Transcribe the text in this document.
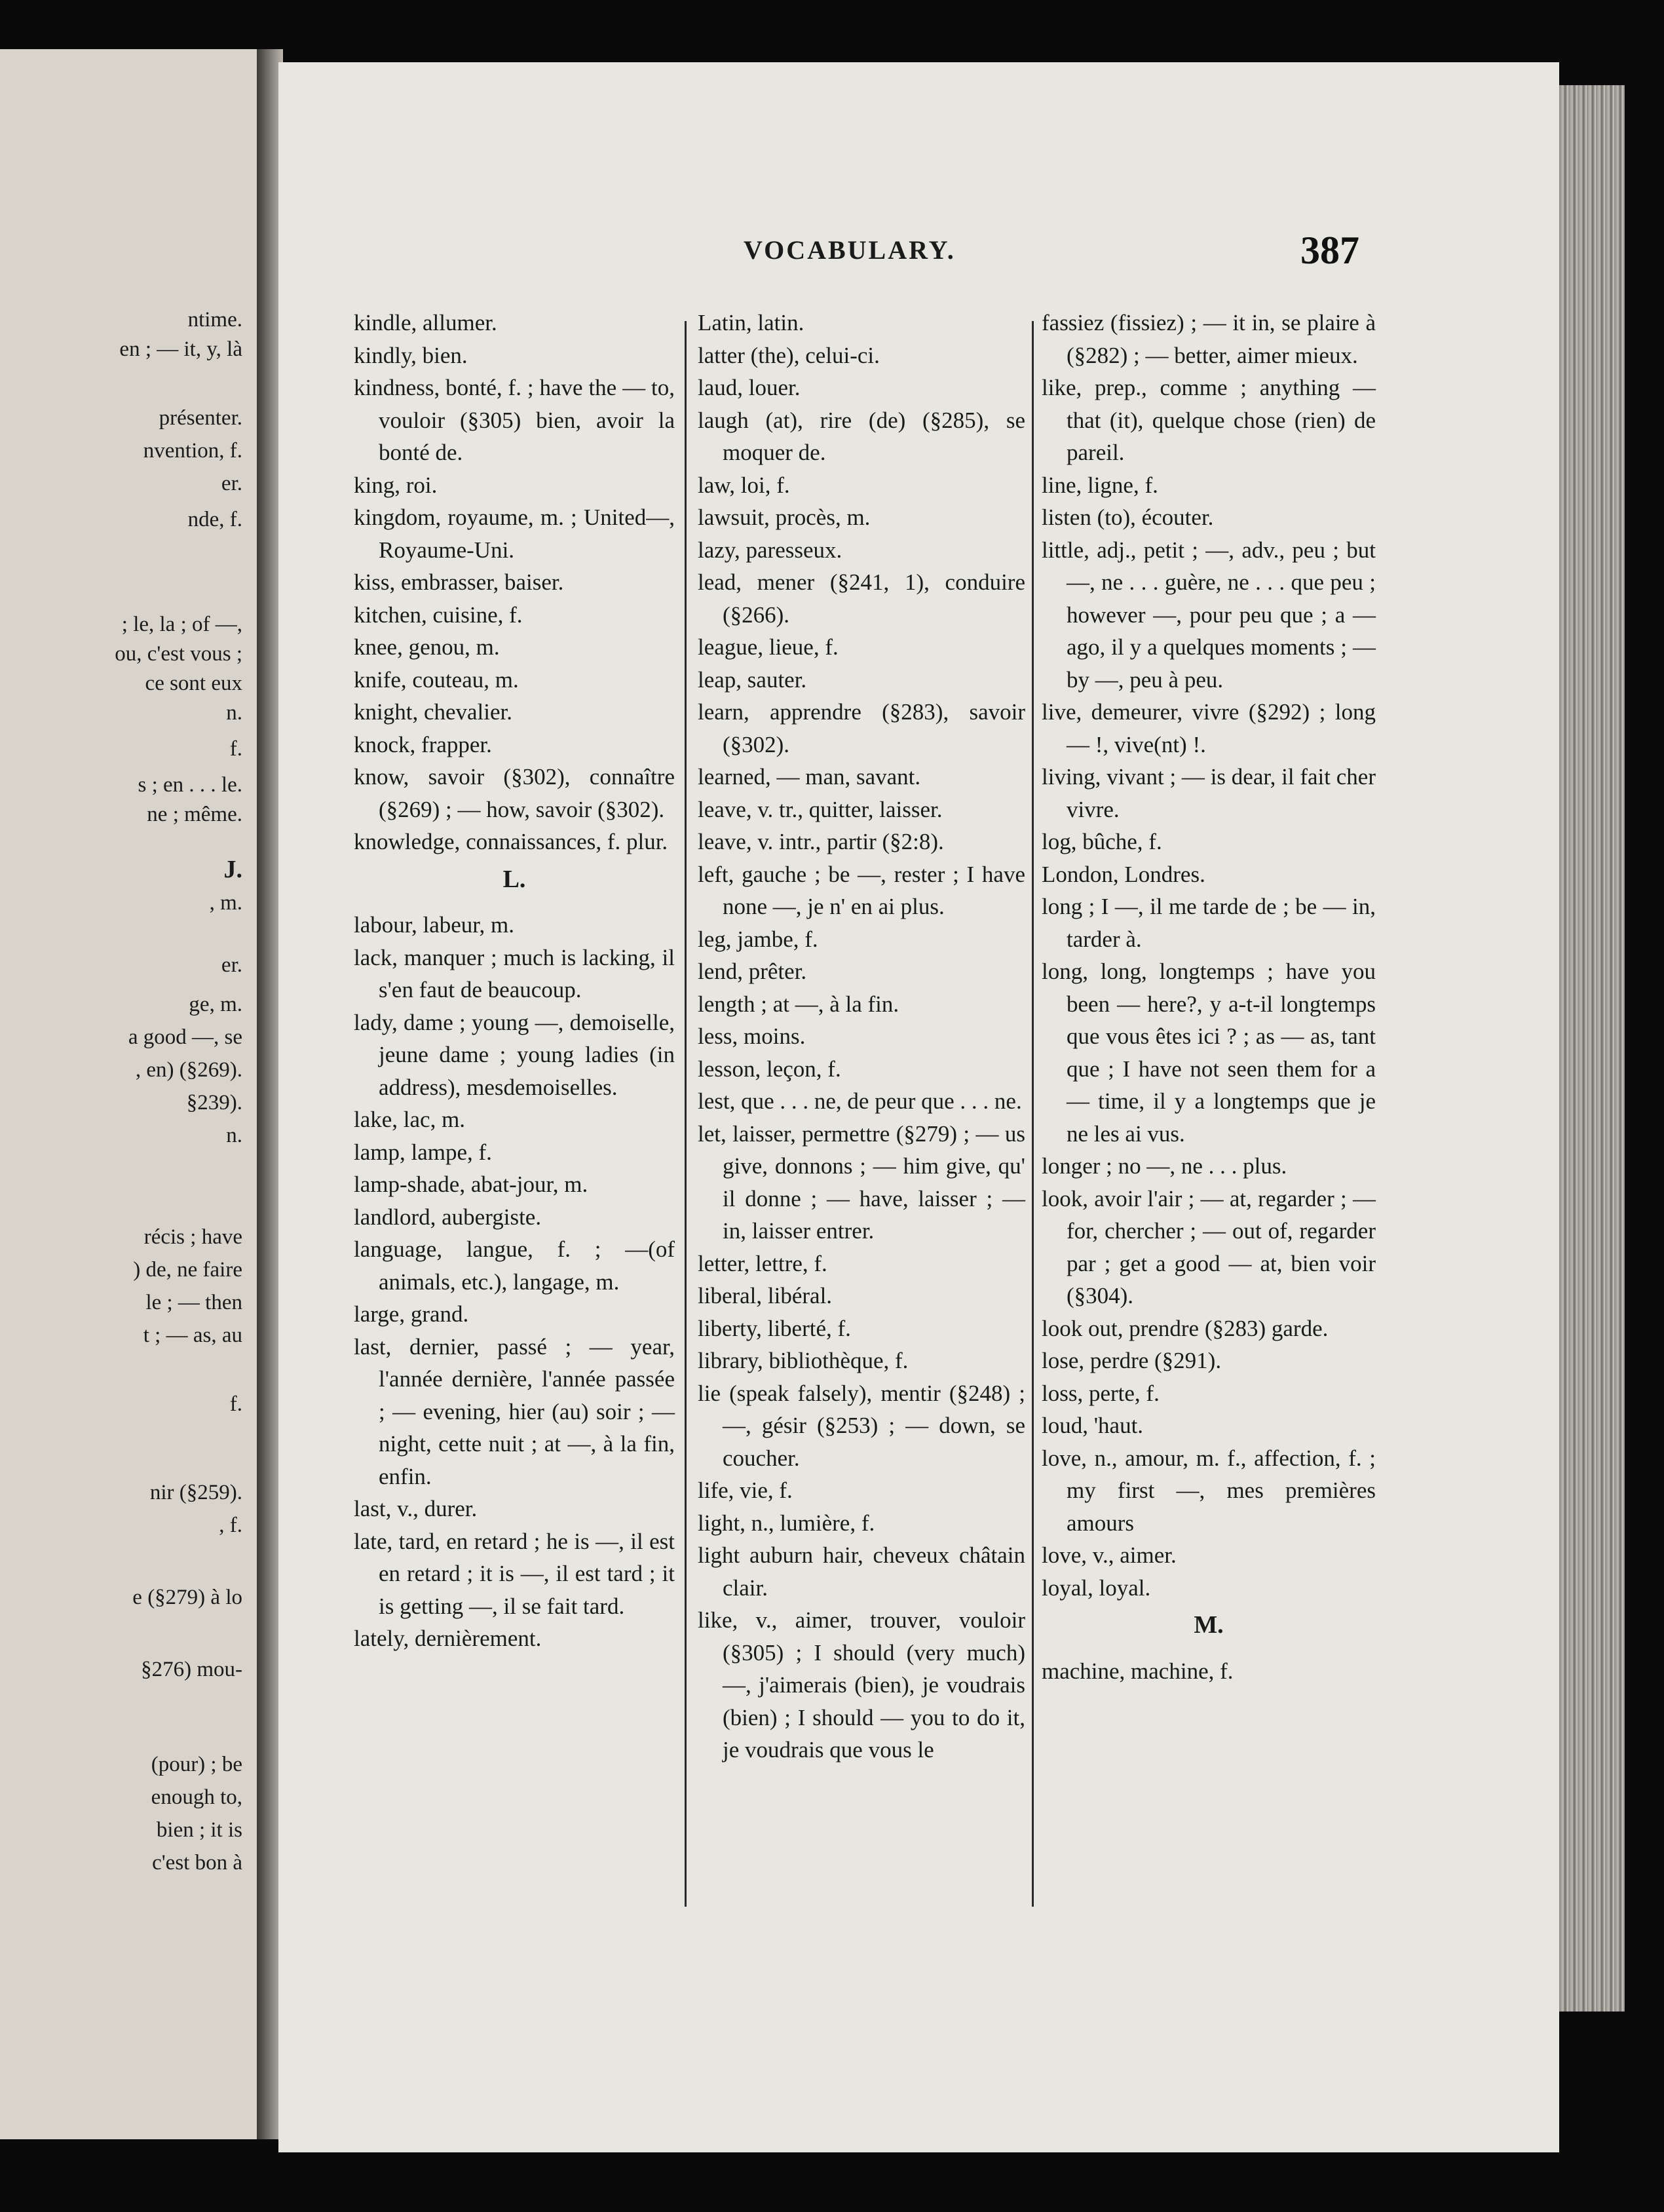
ntime.
en ; — it, y, là
présenter.
nvention, f.
er.
nde, f.
; le, la ; of —,
ou, c'est vous ;
ce sont eux
n.
f.
s ; en . . . le.
ne ; même.
J.
, m.
er.
ge, m.
a good —, se
, en) (§269).
§239).
n.
récis ; have
) de, ne faire
le ; — then
t ; — as, au
f.
nir (§259).
, f.
e (§279) à lo
§276) mou-
(pour) ; be
enough to,
bien ; it is
c'est bon à
VOCABULARY.	387
kindle, allumer.
kindly, bien.
kindness, bonté, f. ; have the — to, vouloir (§305) bien, avoir la bonté de.
king, roi.
kingdom, royaume, m. ; United—, Royaume-Uni.
kiss, embrasser, baiser.
kitchen, cuisine, f.
knee, genou, m.
knife, couteau, m.
knight, chevalier.
knock, frapper.
know, savoir (§302), connaître (§269) ; — how, savoir (§302).
knowledge, connaissances, f. plur.
L.
labour, labeur, m.
lack, manquer ; much is lacking, il s'en faut de beaucoup.
lady, dame ; young —, demoiselle, jeune dame ; young ladies (in address), mesdemoiselles.
lake, lac, m.
lamp, lampe, f.
lamp-shade, abat-jour, m.
landlord, aubergiste.
language, langue, f. ; —(of animals, etc.), langage, m.
large, grand.
last, dernier, passé ; — year, l'année dernière, l'année passée ; — evening, hier (au) soir ; — night, cette nuit ; at —, à la fin, enfin.
last, v., durer.
late, tard, en retard ; he is —, il est en retard ; it is —, il est tard ; it is getting —, il se fait tard.
lately, dernièrement.
Latin, latin.
latter (the), celui-ci.
laud, louer.
laugh (at), rire (de) (§285), se moquer de.
law, loi, f.
lawsuit, procès, m.
lazy, paresseux.
lead, mener (§241, 1), conduire (§266).
league, lieue, f.
leap, sauter.
learn, apprendre (§283), savoir (§302).
learned, — man, savant.
leave, v. tr., quitter, laisser.
leave, v. intr., partir (§2:8).
left, gauche ; be —, rester ; I have none —, je n' en ai plus.
leg, jambe, f.
lend, prêter.
length ; at —, à la fin.
less, moins.
lesson, leçon, f.
lest, que . . . ne, de peur que . . . ne.
let, laisser, permettre (§279) ; — us give, donnons ; — him give, qu' il donne ; — have, laisser ; — in, laisser entrer.
letter, lettre, f.
liberal, libéral.
liberty, liberté, f.
library, bibliothèque, f.
lie (speak falsely), mentir (§248) ; —, gésir (§253) ; — down, se coucher.
life, vie, f.
light, n., lumière, f.
light auburn hair, cheveux châtain clair.
like, v., aimer, trouver, vouloir (§305) ; I should (very much) —, j'aimerais (bien), je voudrais (bien) ; I should — you to do it, je voudrais que vous le
fassiez (fissiez) ; — it in, se plaire à (§282) ; — better, aimer mieux.
like, prep., comme ; anything — that (it), quelque chose (rien) de pareil.
line, ligne, f.
listen (to), écouter.
little, adj., petit ; —, adv., peu ; but —, ne . . . guère, ne . . . que peu ; however —, pour peu que ; a — ago, il y a quelques moments ; — by —, peu à peu.
live, demeurer, vivre (§292) ; long — !, vive(nt) !.
living, vivant ; — is dear, il fait cher vivre.
log, bûche, f.
London, Londres.
long ; I —, il me tarde de ; be — in, tarder à.
long, long, longtemps ; have you been — here?, y a-t-il longtemps que vous êtes ici ? ; as — as, tant que ; I have not seen them for a — time, il y a longtemps que je ne les ai vus.
longer ; no —, ne . . . plus.
look, avoir l'air ; — at, regarder ; — for, chercher ; — out of, regarder par ; get a good — at, bien voir (§304).
look out, prendre (§283) garde.
lose, perdre (§291).
loss, perte, f.
loud, 'haut.
love, n., amour, m. f., affection, f. ; my first —, mes premières amours
love, v., aimer.
loyal, loyal.
M.
machine, machine, f.
